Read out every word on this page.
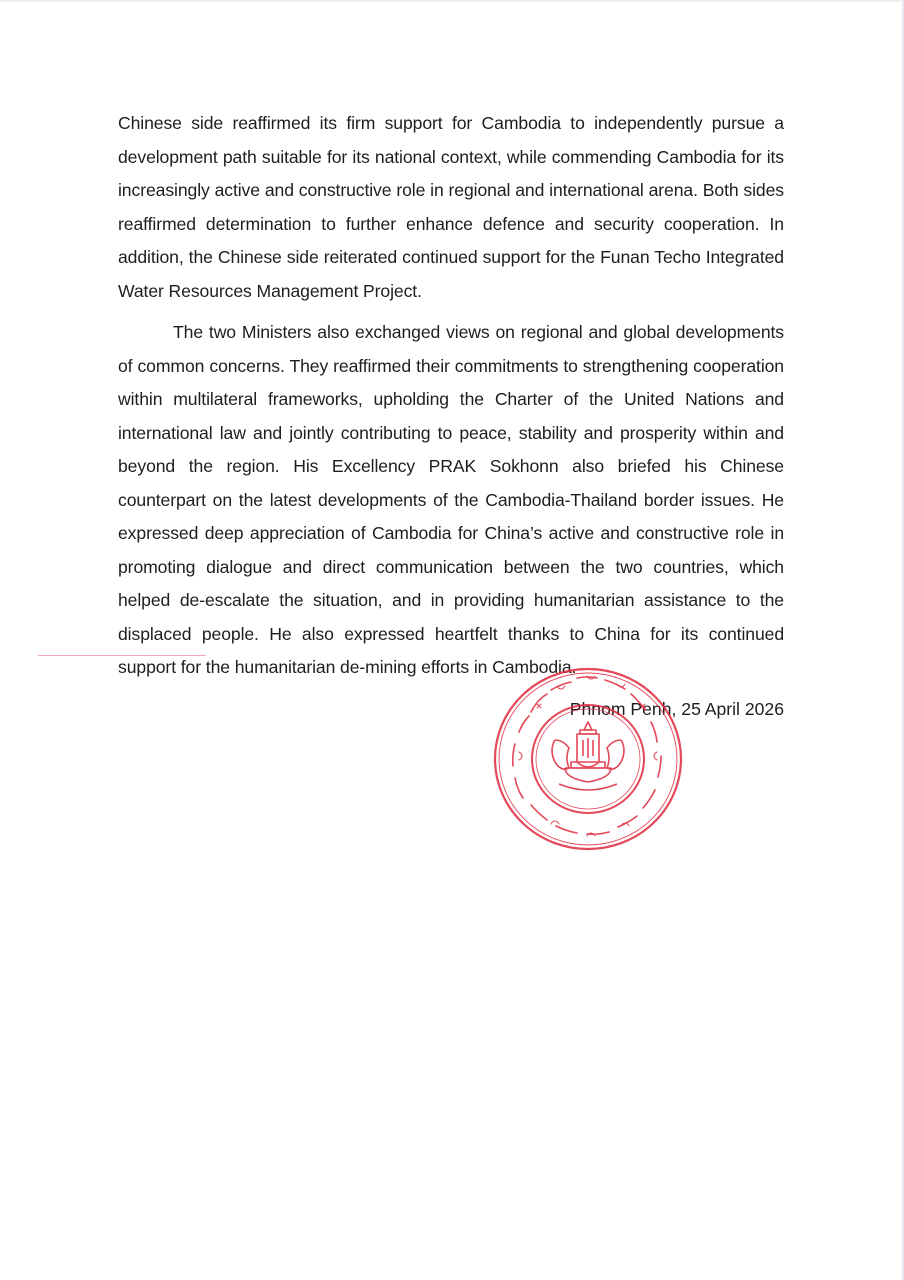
Chinese side reaffirmed its firm support for Cambodia to independently pursue a development path suitable for its national context, while commending Cambodia for its increasingly active and constructive role in regional and international arena. Both sides reaffirmed determination to further enhance defence and security cooperation. In addition, the Chinese side reiterated continued support for the Funan Techo Integrated Water Resources Management Project.

The two Ministers also exchanged views on regional and global developments of common concerns. They reaffirmed their commitments to strengthening cooperation within multilateral frameworks, upholding the Charter of the United Nations and international law and jointly contributing to peace, stability and prosperity within and beyond the region. His Excellency PRAK Sokhonn also briefed his Chinese counterpart on the latest developments of the Cambodia-Thailand border issues. He expressed deep appreciation of Cambodia for China’s active and constructive role in promoting dialogue and direct communication between the two countries, which helped de-escalate the situation, and in providing humanitarian assistance to the displaced people. He also expressed heartfelt thanks to China for its continued support for the humanitarian de-mining efforts in Cambodia.

Phnom Penh, 25 April 2026
